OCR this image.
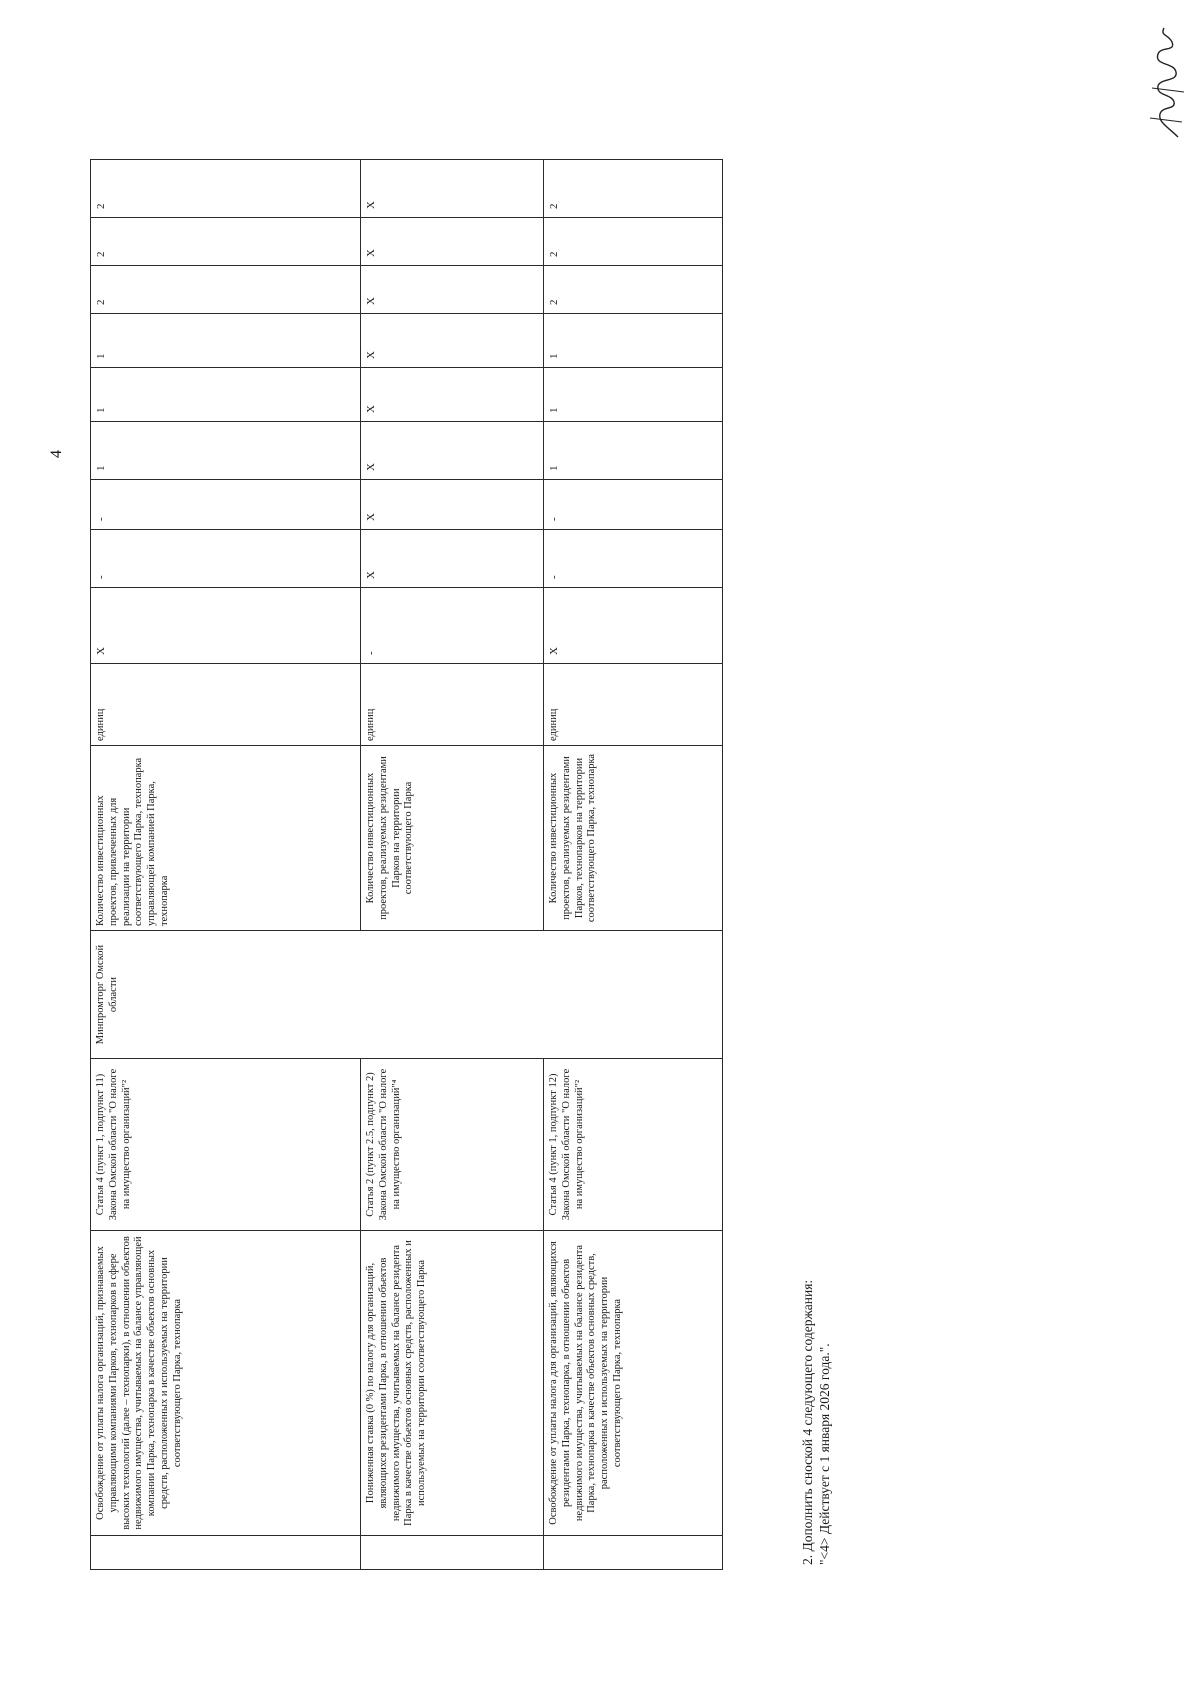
4
	Освобождение от уплаты налога организаций, признаваемых управляющими компаниями Парков, технопарков в сфере высоких технологий (далее – технопарки), в отношении объектов недвижимого имущества, учитываемых на балансе управляющей компании Парка, технопарка в качестве объектов основных средств, расположенных и используемых на территории соответствующего Парка, технопарка	Статья 4 (пункт 1, подпункт 11) Закона Омской области "О налоге на имущество организаций"²	Минпромторг Омской области	Количество инвестиционных проектов, привлеченных для реализации на территории соответствующего Парка, технопарка управляющей компанией Парка, технопарка	единиц	X	-	-	1	1	1	2	2	2
	Пониженная ставка (0 %) по налогу для организаций, являющихся резидентами Парка, в отношении объектов недвижимого имущества, учитываемых на балансе резидента Парка в качестве объектов основных средств, расположенных и используемых на территории соответствующего Парка	Статья 2 (пункт 2.5, подпункт 2) Закона Омской области "О налоге на имущество организаций"⁴		Количество инвестиционных проектов, реализуемых резидентами Парков на территории соответствующего Парка	единиц	-	X	X	X	X	X	X	X	X
	Освобождение от уплаты налога для организаций, являющихся резидентами Парка, технопарка, в отношении объектов недвижимого имущества, учитываемых на балансе резидента Парка, технопарка в качестве объектов основных средств, расположенных и используемых на территории соответствующего Парка, технопарка	Статья 4 (пункт 1, подпункт 12) Закона Омской области "О налоге на имущество организаций"²		Количество инвестиционных проектов, реализуемых резидентами Парков, технопарков на территории соответствующего Парка, технопарка	единиц	X	-	-	1	1	1	2	2	2
2. Дополнить сноской 4 следующего содержания: "<4> Действует с 1 января 2026 года.".
